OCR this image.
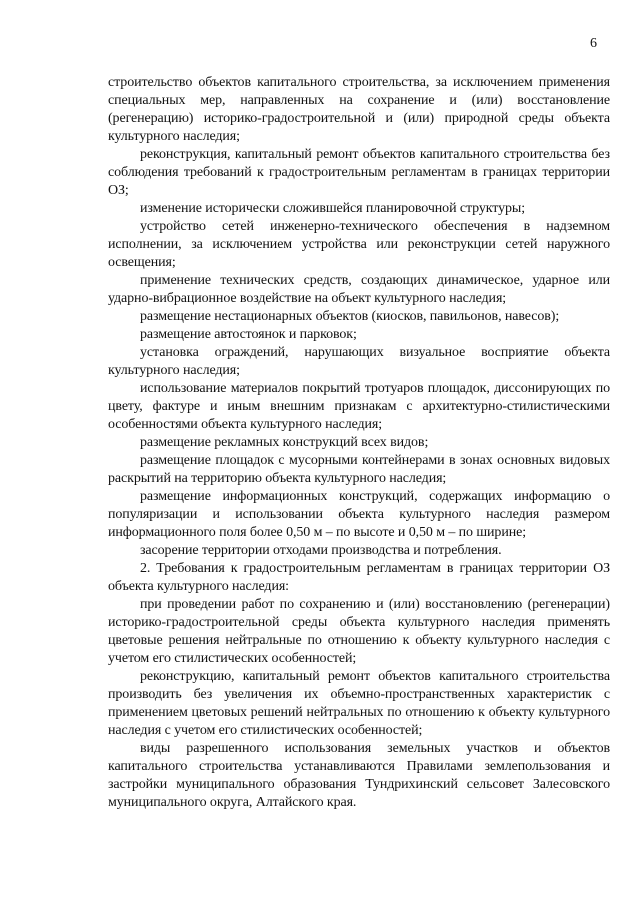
6

строительство объектов капитального строительства, за исключением применения специальных мер, направленных на сохранение и (или) восстановление (регенерацию) историко-градостроительной и (или) природной среды объекта культурного наследия;

реконструкция, капитальный ремонт объектов капитального строительства без соблюдения требований к градостроительным регламентам в границах территории ОЗ;

изменение исторически сложившейся планировочной структуры;

устройство сетей инженерно-технического обеспечения в надземном исполнении, за исключением устройства или реконструкции сетей наружного освещения;

применение технических средств, создающих динамическое, ударное или ударно-вибрационное воздействие на объект культурного наследия;

размещение нестационарных объектов (киосков, павильонов, навесов);

размещение автостоянок и парковок;

установка ограждений, нарушающих визуальное восприятие объекта культурного наследия;

использование материалов покрытий тротуаров площадок, диссонирующих по цвету, фактуре и иным внешним признакам с архитектурно-стилистическими особенностями объекта культурного наследия;

размещение рекламных конструкций всех видов;

размещение площадок с мусорными контейнерами в зонах основных видовых раскрытий на территорию объекта культурного наследия;

размещение информационных конструкций, содержащих информацию о популяризации и использовании объекта культурного наследия размером информационного поля более 0,50 м – по высоте и 0,50 м – по ширине;

засорение территории отходами производства и потребления.

2. Требования к градостроительным регламентам в границах территории ОЗ объекта культурного наследия:

при проведении работ по сохранению и (или) восстановлению (регенерации) историко-градостроительной среды объекта культурного наследия применять цветовые решения нейтральные по отношению к объекту культурного наследия с учетом его стилистических особенностей;

реконструкцию, капитальный ремонт объектов капитального строительства производить без увеличения их объемно-пространственных характеристик с применением цветовых решений нейтральных по отношению к объекту культурного наследия с учетом его стилистических особенностей;

виды разрешенного использования земельных участков и объектов капитального строительства устанавливаются Правилами землепользования и застройки муниципального образования Тундрихинский сельсовет Залесовского муниципального округа, Алтайского края.
